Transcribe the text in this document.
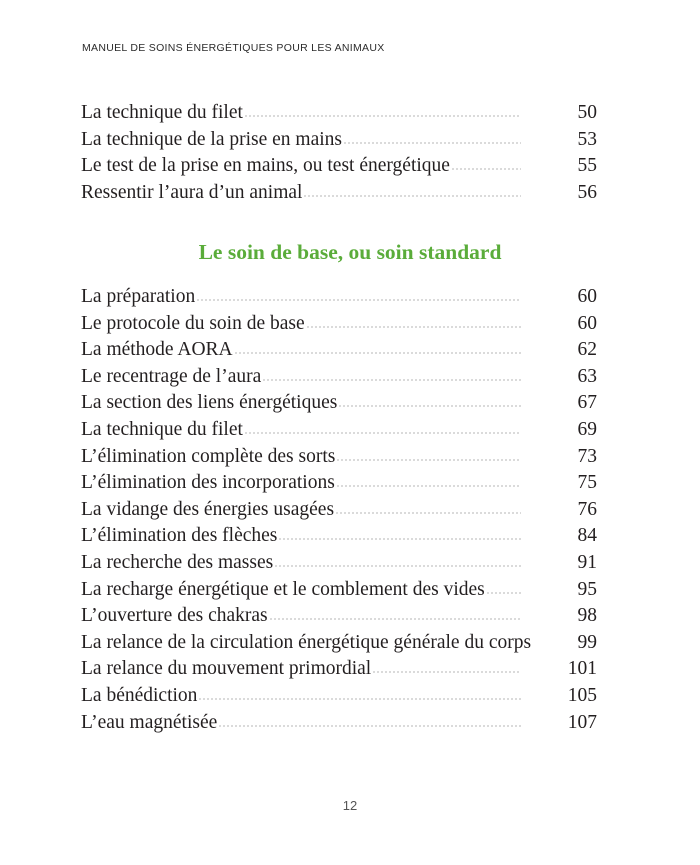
MANUEL DE SOINS ÉNERGÉTIQUES POUR LES ANIMAUX
La technique du filet	50
La technique de la prise en mains	53
Le test de la prise en mains, ou test énergétique	55
Ressentir l’aura d’un animal	56
Le soin de base, ou soin standard
La préparation	60
Le protocole du soin de base	60
La méthode AORA	62
Le recentrage de l’aura	63
La section des liens énergétiques	67
La technique du filet	69
L’élimination complète des sorts	73
L’élimination des incorporations	75
La vidange des énergies usagées	76
L’élimination des flèches	84
La recherche des masses	91
La recharge énergétique et le comblement des vides	95
L’ouverture des chakras	98
La relance de la circulation énergétique générale du corps 99
La relance du mouvement primordial	101
La bénédiction	105
L’eau magnétisée	107
12
